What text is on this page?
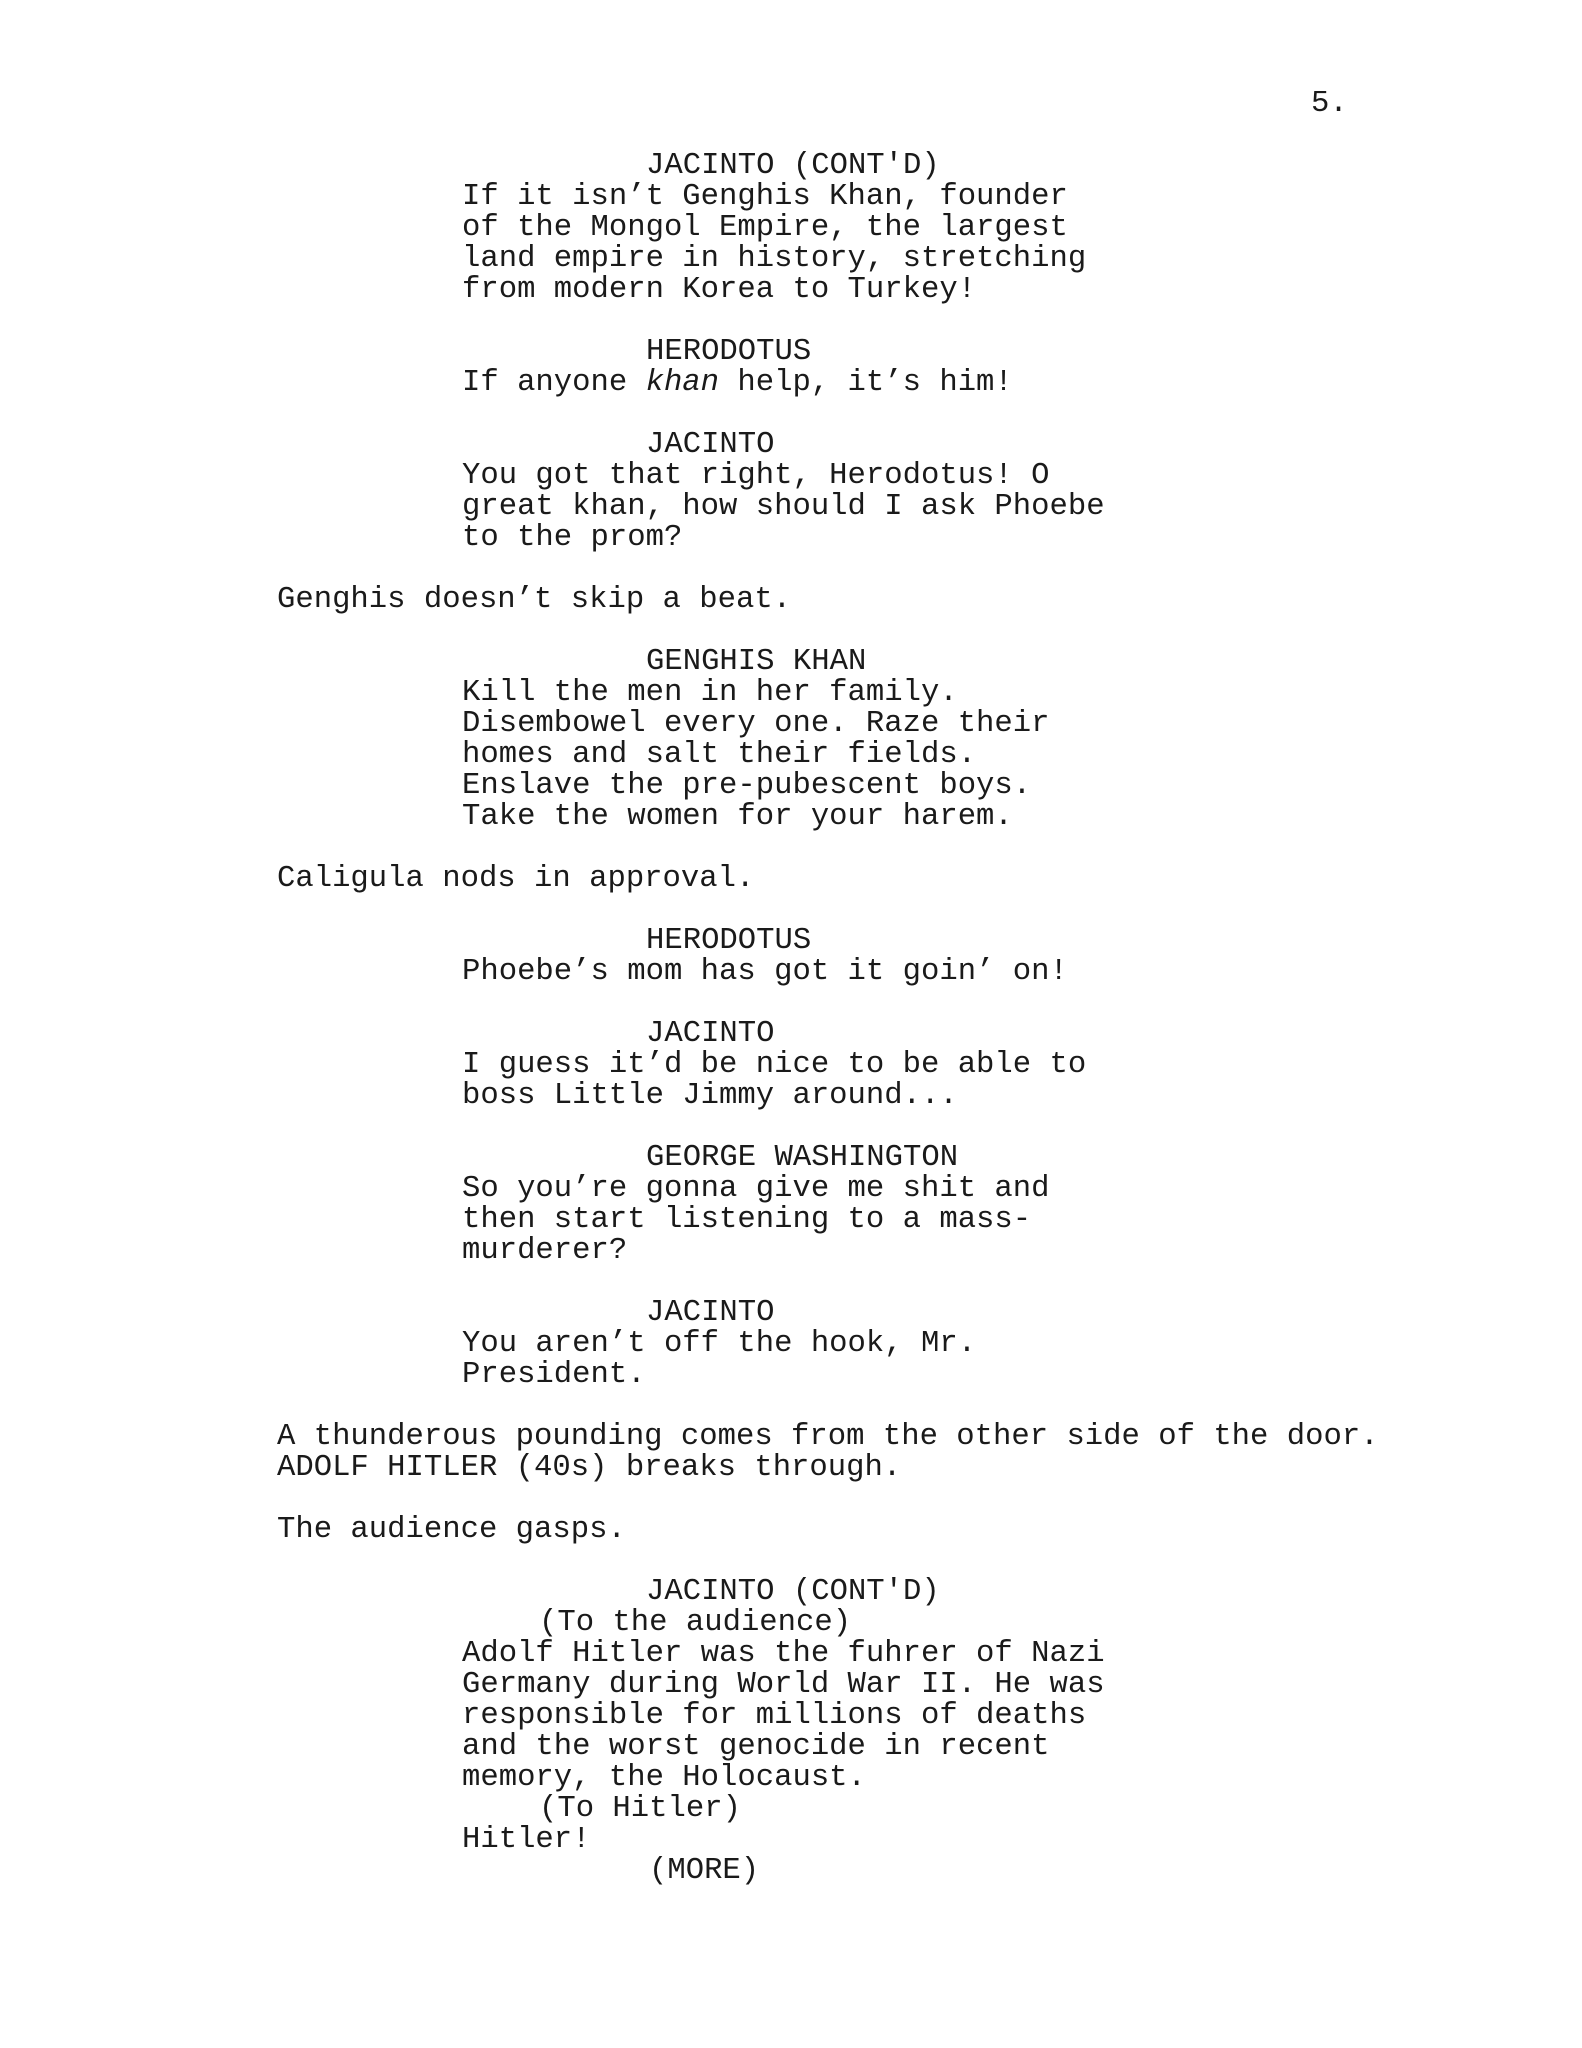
5.
JACINTO (CONT'D)
If it isn’t Genghis Khan, founder
of the Mongol Empire, the largest
land empire in history, stretching
from modern Korea to Turkey!
HERODOTUS
If anyone khan help, it’s him!
JACINTO
You got that right, Herodotus! O
great khan, how should I ask Phoebe
to the prom?
Genghis doesn’t skip a beat.
GENGHIS KHAN
Kill the men in her family.
Disembowel every one. Raze their
homes and salt their fields.
Enslave the pre-pubescent boys.
Take the women for your harem.
Caligula nods in approval.
HERODOTUS
Phoebe’s mom has got it goin’ on!
JACINTO
I guess it’d be nice to be able to
boss Little Jimmy around...
GEORGE WASHINGTON
So you’re gonna give me shit and
then start listening to a mass-
murderer?
JACINTO
You aren’t off the hook, Mr.
President.
A thunderous pounding comes from the other side of the door.
ADOLF HITLER (40s) breaks through.
The audience gasps.
JACINTO (CONT'D)
(To the audience)
Adolf Hitler was the fuhrer of Nazi
Germany during World War II. He was
responsible for millions of deaths
and the worst genocide in recent
memory, the Holocaust.
(To Hitler)
Hitler!
(MORE)
